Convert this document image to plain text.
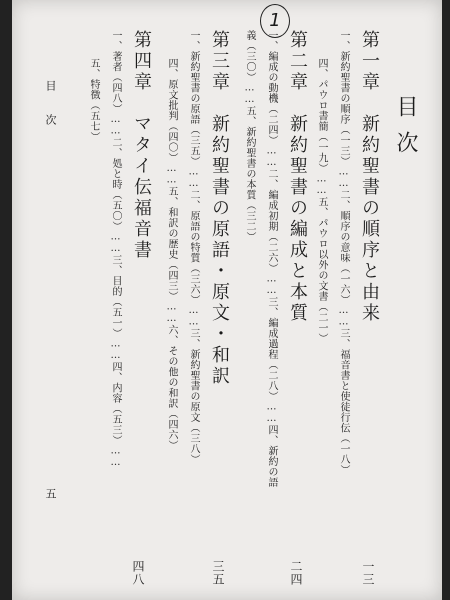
1
目次
第一章　新約聖書の順序と由来
一三
一、新約聖書の順序（一三）……二、順序の意味（一六）……三、福音書と使徒行伝（一八）
四、パウロ書簡（一九）……五、パウロ以外の文書（二一）
第二章　新約聖書の編成と本質
二四
一、編成の動機（二四）……二、編成初期（二六）……三、編成過程（二八）……四、新約の語
義（三〇）……五、新約聖書の本質（三二）
第三章　新約聖書の原語・原文・和訳
三五
一、新約聖書の原語（三五）……二、原語の特質（三六）……三、新約聖書の原文（三八）
四、原文批判（四〇）……五、和訳の歴史（四三）……六、その他の和訳（四六）
第四章　マタイ伝福音書
四八
一、著者（四八）……二、処と時（五〇）……三、目的（五一）……四、内容（五三）……
五、特徴（五七）
目　次
五
